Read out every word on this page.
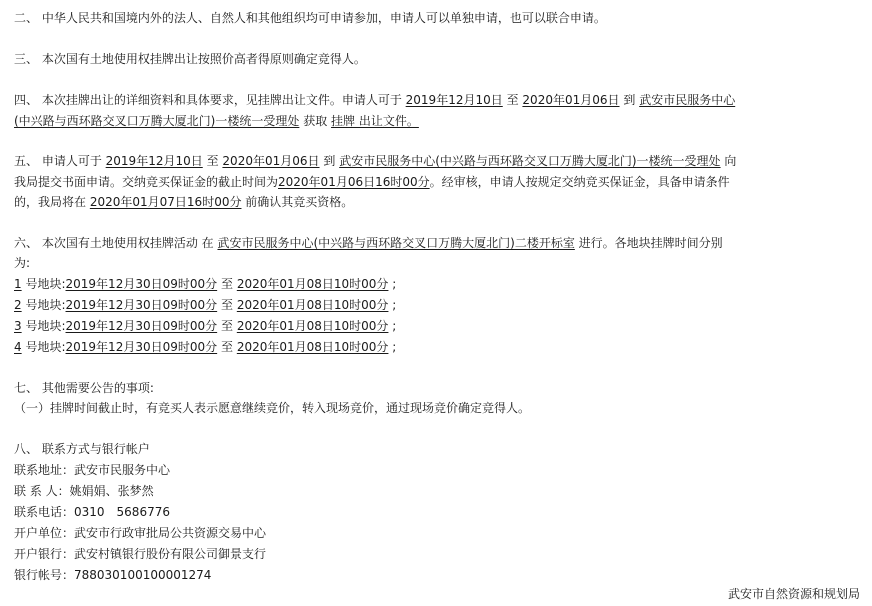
二、 中华人民共和国境内外的法人、自然人和其他组织均可申请参加，申请人可以单独申请，也可以联合申请。
三、 本次国有土地使用权挂牌出让按照价高者得原则确定竞得人。
四、 本次挂牌出让的详细资料和具体要求，见挂牌出让文件。申请人可于 2019年12月10日 至 2020年01月06日 到 武安市民服务中心
(中兴路与西环路交叉口万腾大厦北门)一楼统一受理处 获取 挂牌 出让文件。
五、 申请人可于 2019年12月10日 至 2020年01月06日 到 武安市民服务中心(中兴路与西环路交叉口万腾大厦北门)一楼统一受理处 向
我局提交书面申请。交纳竞买保证金的截止时间为2020年01月06日16时00分。经审核，申请人按规定交纳竞买保证金，具备申请条件
的，我局将在 2020年01月07日16时00分 前确认其竞买资格。
六、 本次国有土地使用权挂牌活动 在 武安市民服务中心(中兴路与西环路交叉口万腾大厦北门)二楼开标室 进行。各地块挂牌时间分别
为:
1 号地块:2019年12月30日09时00分 至 2020年01月08日10时00分 ;
2 号地块:2019年12月30日09时00分 至 2020年01月08日10时00分 ;
3 号地块:2019年12月30日09时00分 至 2020年01月08日10时00分 ;
4 号地块:2019年12月30日09时00分 至 2020年01月08日10时00分 ;
七、 其他需要公告的事项:
（一）挂牌时间截止时，有竞买人表示愿意继续竞价，转入现场竞价，通过现场竞价确定竞得人。
八、 联系方式与银行帐户
联系地址：武安市民服务中心
联 系 人：姚娟娟、张梦然
联系电话：0310　5686776
开户单位：武安市行政审批局公共资源交易中心
开户银行：武安村镇银行股份有限公司御景支行
银行帐号：788030100100001274
武安市自然资源和规划局
